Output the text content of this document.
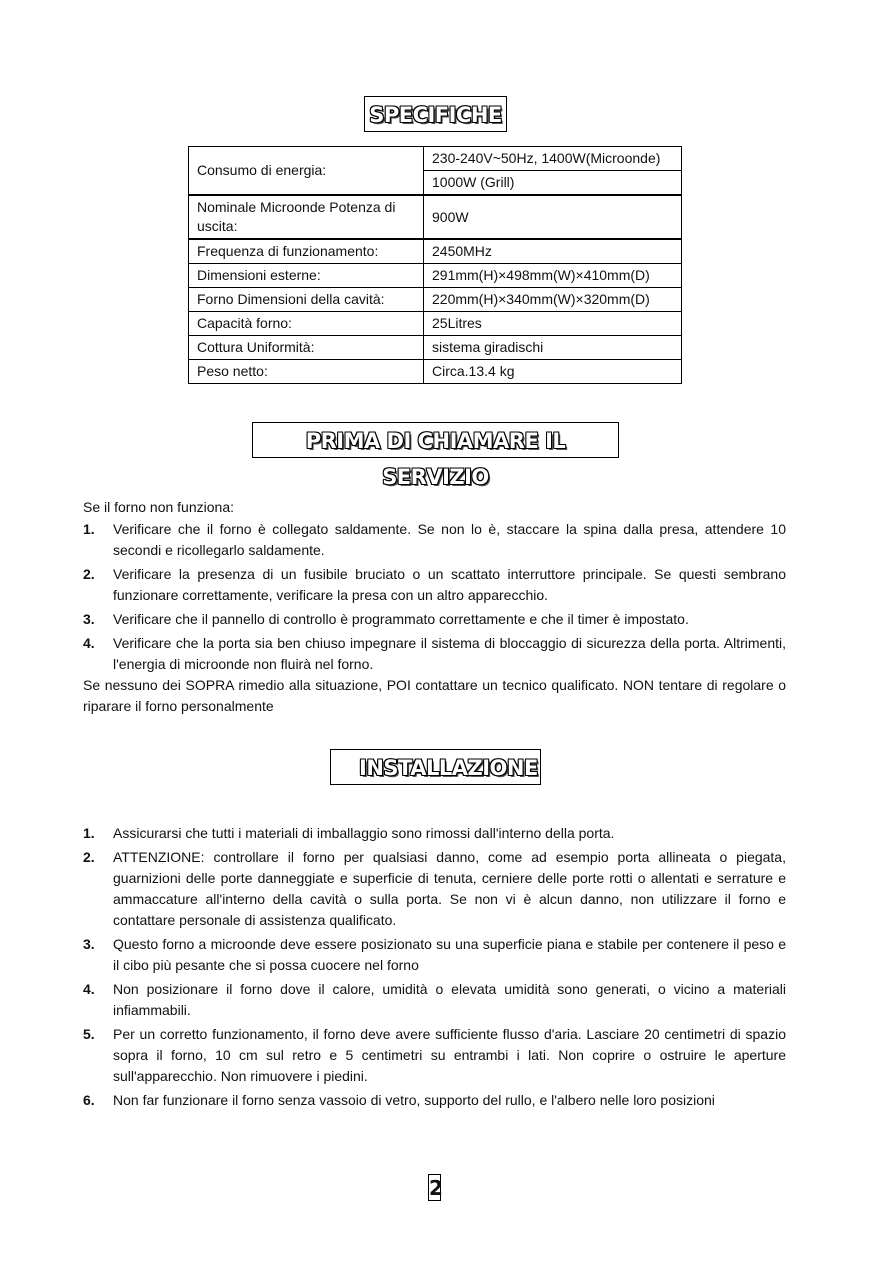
SPECIFICHE
Consumo di energia:	230-240V~50Hz, 1400W(Microonde)
	1000W (Grill)
Nominale Microonde Potenza di uscita:	900W
Frequenza di funzionamento:	2450MHz
Dimensioni esterne:	291mm(H)×498mm(W)×410mm(D)
Forno Dimensioni della cavità:	220mm(H)×340mm(W)×320mm(D)
Capacità forno:	25Litres
Cottura Uniformità:	sistema giradischi
Peso netto:	Circa.13.4 kg
PRIMA DI CHIAMARE IL SERVIZIO
Se il forno non funziona:
1. Verificare che il forno è collegato saldamente. Se non lo è, staccare la spina dalla presa, attendere 10 secondi e ricollegarlo saldamente.
2. Verificare la presenza di un fusibile bruciato o un scattato interruttore principale. Se questi sembrano funzionare correttamente, verificare la presa con un altro apparecchio.
3. Verificare che il pannello di controllo è programmato correttamente e che il timer è impostato.
4. Verificare che la porta sia ben chiuso impegnare il sistema di bloccaggio di sicurezza della porta. Altrimenti, l'energia di microonde non fluirà nel forno.
Se nessuno dei SOPRA rimedio alla situazione, POI contattare un tecnico qualificato. NON tentare di regolare o riparare il forno personalmente
INSTALLAZIONE
1. Assicurarsi che tutti i materiali di imballaggio sono rimossi dall'interno della porta.
2. ATTENZIONE: controllare il forno per qualsiasi danno, come ad esempio porta allineata o piegata, guarnizioni delle porte danneggiate e superficie di tenuta, cerniere delle porte rotti o allentati e serrature e ammaccature all'interno della cavità o sulla porta. Se non vi è alcun danno, non utilizzare il forno e contattare personale di assistenza qualificato.
3. Questo forno a microonde deve essere posizionato su una superficie piana e stabile per contenere il peso e il cibo più pesante che si possa cuocere nel forno
4. Non posizionare il forno dove il calore, umidità o elevata umidità sono generati, o vicino a materiali infiammabili.
5. Per un corretto funzionamento, il forno deve avere sufficiente flusso d'aria. Lasciare 20 centimetri di spazio sopra il forno, 10 cm sul retro e 5 centimetri su entrambi i lati. Non coprire o ostruire le aperture sull'apparecchio. Non rimuovere i piedini.
6. Non far funzionare il forno senza vassoio di vetro, supporto del rullo, e l'albero nelle loro posizioni
2
